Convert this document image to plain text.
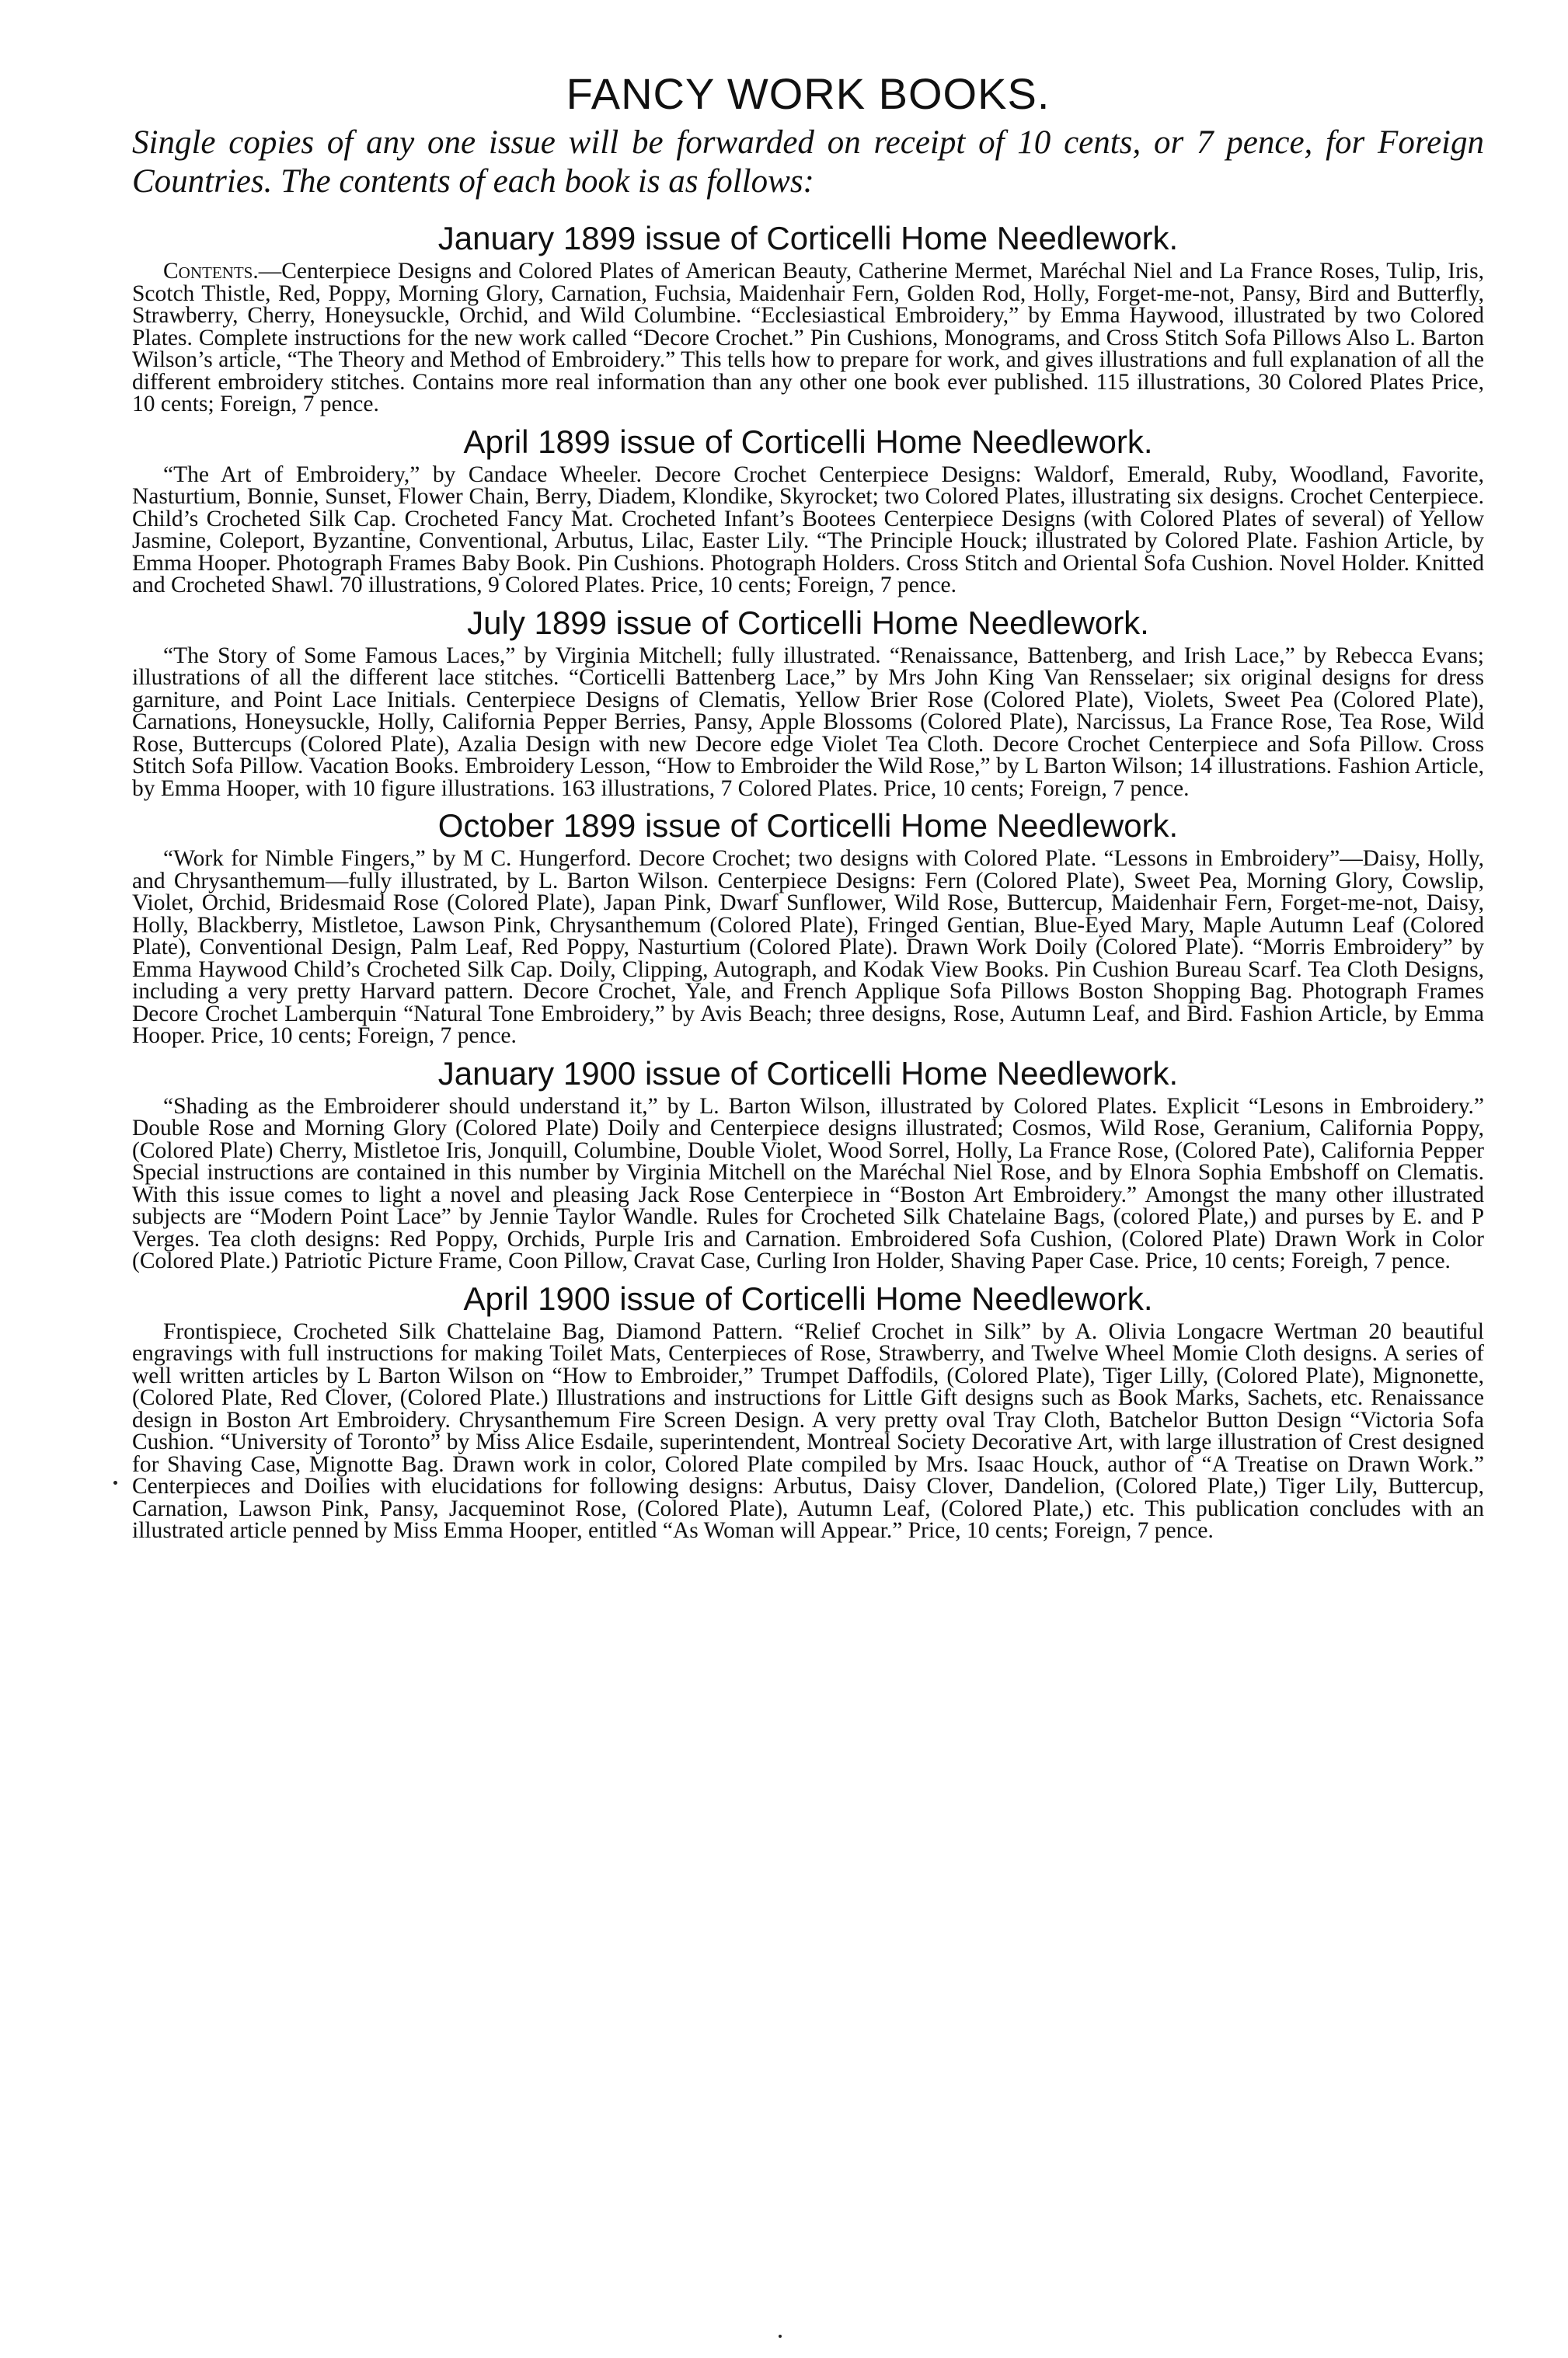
FANCY WORK BOOKS.

Single copies of any one issue will be forwarded on receipt of 10 cents, or 7 pence, for Foreign Countries. The contents of each book is as follows:

January 1899 issue of Corticelli Home Needlework.

Contents.—Centerpiece Designs and Colored Plates of American Beauty, Catherine Mermet, Maréchal Niel and La France Roses, Tulip, Iris, Scotch Thistle, Red, Poppy, Morning Glory, Carnation, Fuchsia, Maidenhair Fern, Golden Rod, Holly, Forget-me-not, Pansy, Bird and Butterfly, Strawberry, Cherry, Honeysuckle, Orchid, and Wild Columbine. “Ecclesiastical Embroidery,” by Emma Haywood, illustrated by two Colored Plates. Complete instructions for the new work called “Decore Crochet.” Pin Cushions, Monograms, and Cross Stitch Sofa Pillows Also L. Barton Wilson’s article, “The Theory and Method of Embroidery.” This tells how to prepare for work, and gives illustrations and full explanation of all the different embroidery stitches. Contains more real information than any other one book ever published. 115 illustrations, 30 Colored Plates Price, 10 cents; Foreign, 7 pence.

April 1899 issue of Corticelli Home Needlework.

“The Art of Embroidery,” by Candace Wheeler. Decore Crochet Centerpiece Designs: Waldorf, Emerald, Ruby, Woodland, Favorite, Nasturtium, Bonnie, Sunset, Flower Chain, Berry, Diadem, Klondike, Skyrocket; two Colored Plates, illustrating six designs. Crochet Centerpiece. Child’s Crocheted Silk Cap. Crocheted Fancy Mat. Crocheted Infant’s Bootees Centerpiece Designs (with Colored Plates of several) of Yellow Jasmine, Coleport, Byzantine, Conventional, Arbutus, Lilac, Easter Lily. “The Principle Houck; illustrated by Colored Plate. Fashion Article, by Emma Hooper. Photograph Frames Baby Book. Pin Cushions. Photograph Holders. Cross Stitch and Oriental Sofa Cushion. Novel Holder. Knitted and Crocheted Shawl. 70 illustrations, 9 Colored Plates. Price, 10 cents; Foreign, 7 pence.

July 1899 issue of Corticelli Home Needlework.

“The Story of Some Famous Laces,” by Virginia Mitchell; fully illustrated. “Renaissance, Battenberg, and Irish Lace,” by Rebecca Evans; illustrations of all the different lace stitches. “Corticelli Battenberg Lace,” by Mrs John King Van Rensselaer; six original designs for dress garniture, and Point Lace Initials. Centerpiece Designs of Clematis, Yellow Brier Rose (Colored Plate), Violets, Sweet Pea (Colored Plate), Carnations, Honeysuckle, Holly, California Pepper Berries, Pansy, Apple Blossoms (Colored Plate), Narcissus, La France Rose, Tea Rose, Wild Rose, Buttercups (Colored Plate), Azalia Design with new Decore edge Violet Tea Cloth. Decore Crochet Centerpiece and Sofa Pillow. Cross Stitch Sofa Pillow. Vacation Books. Embroidery Lesson, “How to Embroider the Wild Rose,” by L Barton Wilson; 14 illustrations. Fashion Article, by Emma Hooper, with 10 figure illustrations. 163 illustrations, 7 Colored Plates. Price, 10 cents; Foreign, 7 pence.

October 1899 issue of Corticelli Home Needlework.

“Work for Nimble Fingers,” by M C. Hungerford. Decore Crochet; two designs with Colored Plate. “Lessons in Embroidery”—Daisy, Holly, and Chrysanthemum—fully illustrated, by L. Barton Wilson. Centerpiece Designs: Fern (Colored Plate), Sweet Pea, Morning Glory, Cowslip, Violet, Orchid, Bridesmaid Rose (Colored Plate), Japan Pink, Dwarf Sunflower, Wild Rose, Buttercup, Maidenhair Fern, Forget-me-not, Daisy, Holly, Blackberry, Mistletoe, Lawson Pink, Chrysanthemum (Colored Plate), Fringed Gentian, Blue-Eyed Mary, Maple Autumn Leaf (Colored Plate), Conventional Design, Palm Leaf, Red Poppy, Nasturtium (Colored Plate). Drawn Work Doily (Colored Plate). “Morris Embroidery” by Emma Haywood Child’s Crocheted Silk Cap. Doily, Clipping, Autograph, and Kodak View Books. Pin Cushion Bureau Scarf. Tea Cloth Designs, including a very pretty Harvard pattern. Decore Crochet, Yale, and French Applique Sofa Pillows Boston Shopping Bag. Photograph Frames Decore Crochet Lamberquin “Natural Tone Embroidery,” by Avis Beach; three designs, Rose, Autumn Leaf, and Bird. Fashion Article, by Emma Hooper. Price, 10 cents; Foreign, 7 pence.

January 1900 issue of Corticelli Home Needlework.

“Shading as the Embroiderer should understand it,” by L. Barton Wilson, illustrated by Colored Plates. Explicit “Lesons in Embroidery.” Double Rose and Morning Glory (Colored Plate) Doily and Centerpiece designs illustrated; Cosmos, Wild Rose, Geranium, California Poppy, (Colored Plate) Cherry, Mistletoe Iris, Jonquill, Columbine, Double Violet, Wood Sorrel, Holly, La France Rose, (Colored Pate), California Pepper Special instructions are contained in this number by Virginia Mitchell on the Maréchal Niel Rose, and by Elnora Sophia Embshoff on Clematis. With this issue comes to light a novel and pleasing Jack Rose Centerpiece in “Boston Art Embroidery.” Amongst the many other illustrated subjects are “Modern Point Lace” by Jennie Taylor Wandle. Rules for Crocheted Silk Chatelaine Bags, (colored Plate,) and purses by E. and P Verges. Tea cloth designs: Red Poppy, Orchids, Purple Iris and Carnation. Embroidered Sofa Cushion, (Colored Plate) Drawn Work in Color (Colored Plate.) Patriotic Picture Frame, Coon Pillow, Cravat Case, Curling Iron Holder, Shaving Paper Case. Price, 10 cents; Foreigh, 7 pence.

April 1900 issue of Corticelli Home Needlework.

Frontispiece, Crocheted Silk Chattelaine Bag, Diamond Pattern. “Relief Crochet in Silk” by A. Olivia Longacre Wertman 20 beautiful engravings with full instructions for making Toilet Mats, Centerpieces of Rose, Strawberry, and Twelve Wheel Momie Cloth designs. A series of well written articles by L Barton Wilson on “How to Embroider,” Trumpet Daffodils, (Colored Plate), Tiger Lilly, (Colored Plate), Mignonette, (Colored Plate, Red Clover, (Colored Plate.) Illustrations and instructions for Little Gift designs such as Book Marks, Sachets, etc. Renaissance design in Boston Art Embroidery. Chrysanthemum Fire Screen Design. A very pretty oval Tray Cloth, Batchelor Button Design “Victoria Sofa Cushion. “University of Toronto” by Miss Alice Esdaile, superintendent, Montreal Society Decorative Art, with large illustration of Crest designed for Shaving Case, Mignotte Bag. Drawn work in color, Colored Plate compiled by Mrs. Isaac Houck, author of “A Treatise on Drawn Work.” Centerpieces and Doilies with elucidations for following designs: Arbutus, Daisy Clover, Dandelion, (Colored Plate,) Tiger Lily, Buttercup, Carnation, Lawson Pink, Pansy, Jacqueminot Rose, (Colored Plate), Autumn Leaf, (Colored Plate,) etc. This publication concludes with an illustrated article penned by Miss Emma Hooper, entitled “As Woman will Appear.” Price, 10 cents; Foreign, 7 pence.
